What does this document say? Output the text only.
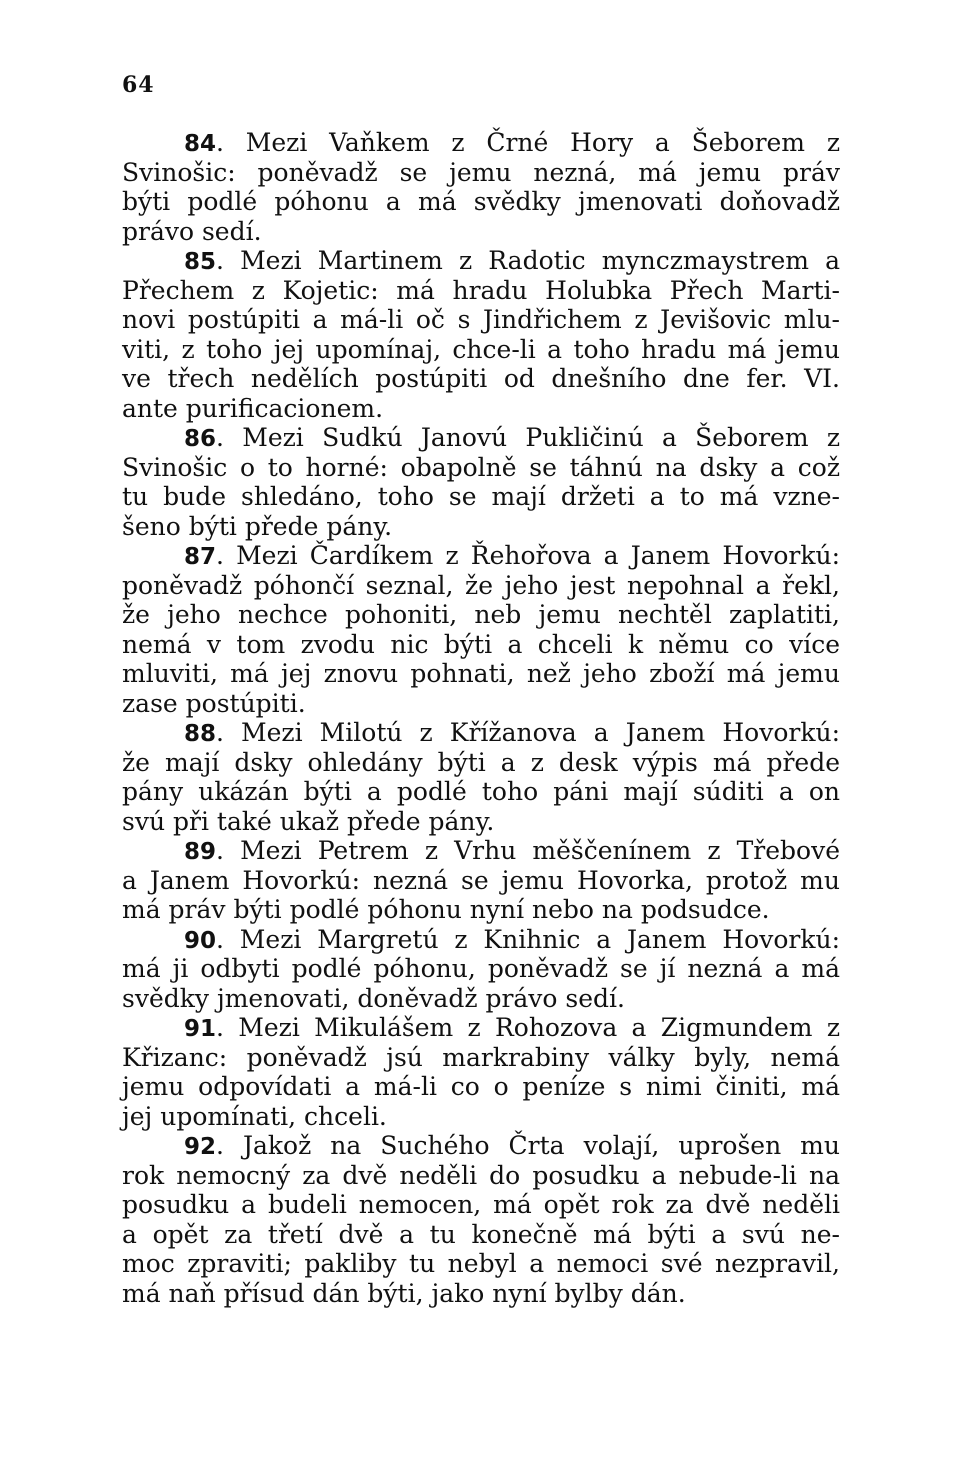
64
84. Mezi Vaňkem z Črné Hory a Šeborem z
Svinošic: poněvadž se jemu nezná, má jemu práv
býti podlé póhonu a má svědky jmenovati doňovadž
právo sedí.
85. Mezi Martinem z Radotic mynczmaystrem a
Přechem z Kojetic: má hradu Holubka Přech Marti-
novi postúpiti a má-li oč s Jindřichem z Jevišovic mlu-
viti, z toho jej upomínaj, chce-li a toho hradu má jemu
ve třech nedělích postúpiti od dnešního dne fer. VI.
ante purificacionem.
86. Mezi Sudkú Janovú Pukličinú a Šeborem z
Svinošic o to horné: obapolně se táhnú na dsky a což
tu bude shledáno, toho se mají držeti a to má vzne-
šeno býti přede pány.
87. Mezi Čardíkem z Řehořova a Janem Hovorkú:
poněvadž póhončí seznal, že jeho jest nepohnal a řekl,
že jeho nechce pohoniti, neb jemu nechtěl zaplatiti,
nemá v tom zvodu nic býti a chceli k němu co více
mluviti, má jej znovu pohnati, než jeho zboží má jemu
zase postúpiti.
88. Mezi Milotú z Křížanova a Janem Hovorkú:
že mají dsky ohledány býti a z desk výpis má přede
pány ukázán býti a podlé toho páni mají súditi a on
svú při také ukaž přede pány.
89. Mezi Petrem z Vrhu měščenínem z Třebové
a Janem Hovorkú: nezná se jemu Hovorka, protož mu
má práv býti podlé póhonu nyní nebo na podsudce.
90. Mezi Margretú z Knihnic a Janem Hovorkú:
má ji odbyti podlé póhonu, poněvadž se jí nezná a má
svědky jmenovati, doněvadž právo sedí.
91. Mezi Mikulášem z Rohozova a Zigmundem z
Křizanc: poněvadž jsú markrabiny války byly, nemá
jemu odpovídati a má-li co o peníze s nimi činiti, má
jej upomínati, chceli.
92. Jakož na Suchého Črta volají, uprošen mu
rok nemocný za dvě neděli do posudku a nebude-li na
posudku a budeli nemocen, má opět rok za dvě neděli
a opět za třetí dvě a tu konečně má býti a svú ne-
moc zpraviti; pakliby tu nebyl a nemoci své nezpravil,
má naň přísud dán býti, jako nyní bylby dán.
